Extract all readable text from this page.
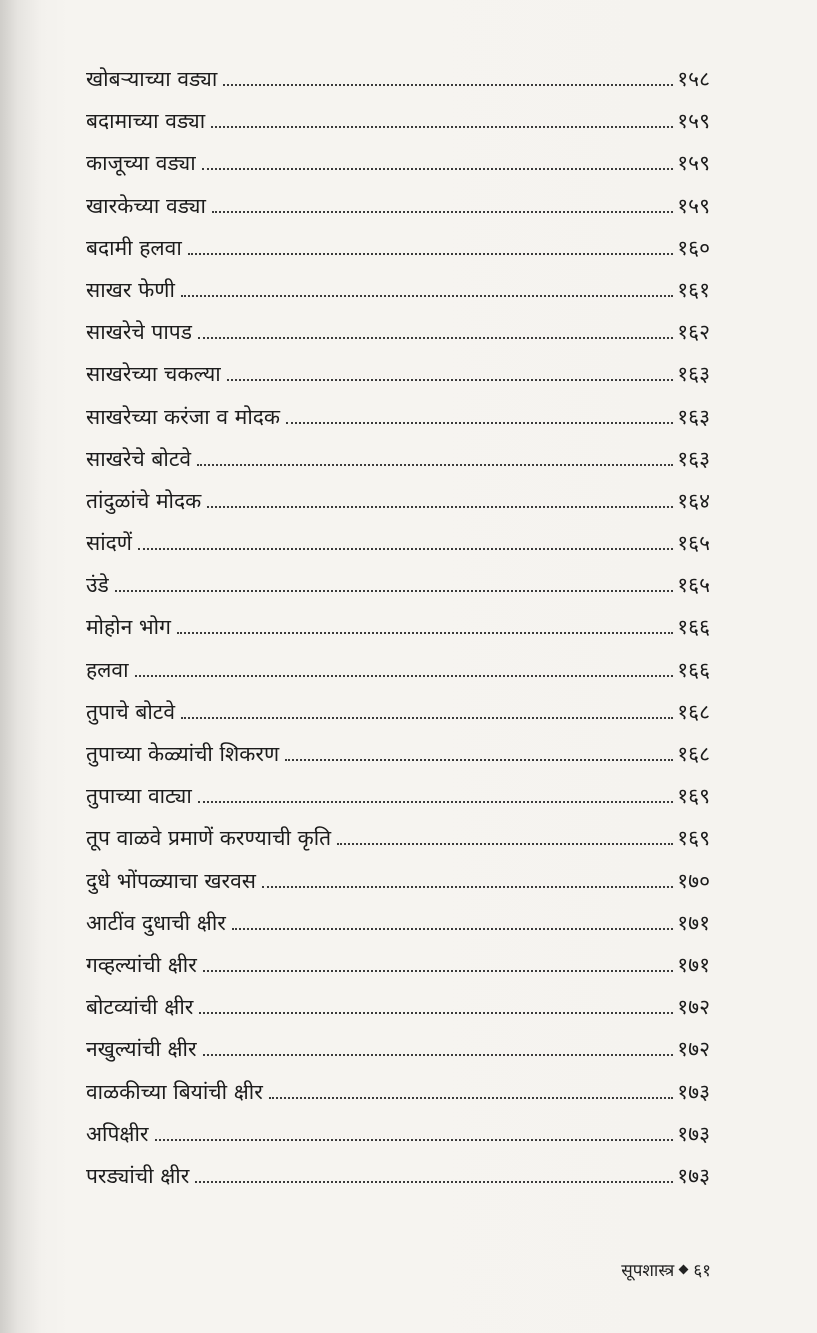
खोबऱ्याच्या वड्या	१५८
बदामाच्या वड्या	१५९
काजूच्या वड्या	१५९
खारकेच्या वड्या	१५९
बदामी हलवा	१६०
साखर फेणी	१६१
साखरेचे पापड	१६२
साखरेच्या चकल्या	१६३
साखरेच्या करंजा व मोदक	१६३
साखरेचे बोटवे	१६३
तांदुळांचे मोदक	१६४
सांदणें	१६५
उंडे	१६५
मोहोन भोग	१६६
हलवा	१६६
तुपाचे बोटवे	१६८
तुपाच्या केळ्यांची शिकरण	१६८
तुपाच्या वाट्या	१६९
तूप वाळवे प्रमाणें करण्याची कृति	१६९
दुधे भोंपळ्याचा खरवस	१७०
आटींव दुधाची क्षीर	१७१
गव्हल्यांची क्षीर	१७१
बोटव्यांची क्षीर	१७२
नखुल्यांची क्षीर	१७२
वाळकीच्या बियांची क्षीर	१७३
अपिक्षीर	१७३
परड्यांची क्षीर	१७३
सूपशास्त्र ६१
